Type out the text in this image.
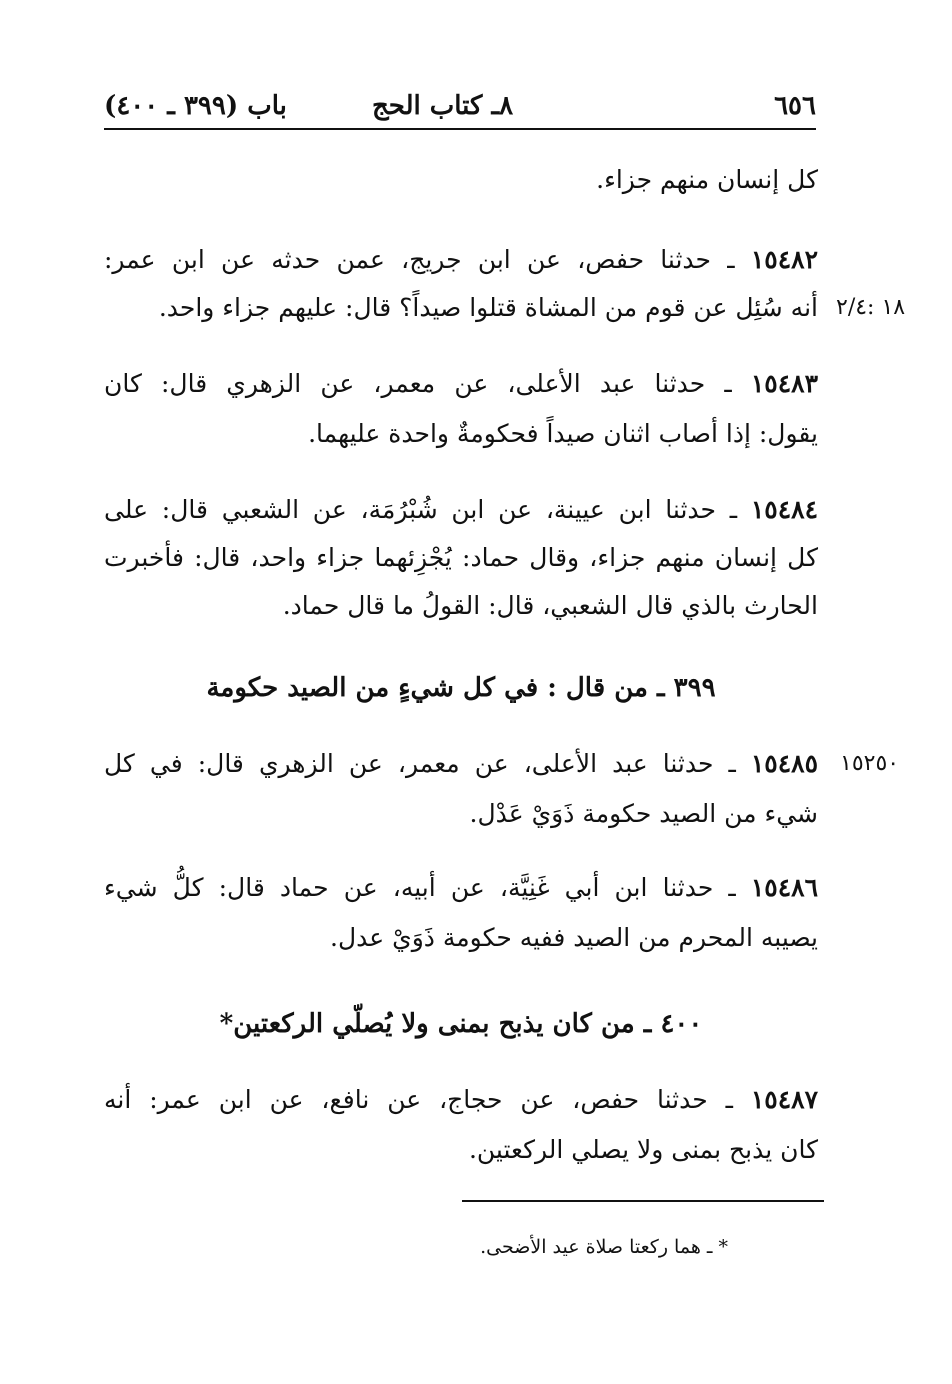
٦٥٦
٨ـ كتاب الحج
باب (٣٩٩ ـ ٤٠٠)
كل إنسان منهم جزاء.
١٥٤٨٢ ـ حدثنا حفص، عن ابن جريج، عمن حدثه عن ابن عمر:
١٨ :٢/٤
أنه سُئِل عن قوم من المشاة قتلوا صيداً؟ قال: عليهم جزاء واحد.
١٥٤٨٣ ـ حدثنا عبد الأعلى، عن معمر، عن الزهري قال: كان
يقول: إذا أصاب اثنان صيداً فحكومةٌ واحدة عليهما.
١٥٤٨٤ ـ حدثنا ابن عيينة، عن ابن شُبْرُمَة، عن الشعبي قال: على
كل إنسان منهم جزاء، وقال حماد: يُجْزِئهما جزاء واحد، قال: فأخبرت
الحارث بالذي قال الشعبي، قال: القولُ ما قال حماد.
٣٩٩ ـ من قال : في كل شيءٍ من الصيد حكومة
١٥٢٥٠
١٥٤٨٥ ـ حدثنا عبد الأعلى، عن معمر، عن الزهري قال: في كل
شيء من الصيد حكومة ذَوَيْ عَدْل.
١٥٤٨٦ ـ حدثنا ابن أبي غَنِيَّة، عن أبيه، عن حماد قال: كلُّ شيء
يصيبه المحرم من الصيد ففيه حكومة ذَوَيْ عدل.
٤٠٠ ـ من كان يذبح بمنى ولا يُصلّي الركعتين*
١٥٤٨٧ ـ حدثنا حفص، عن حجاج، عن نافع، عن ابن عمر: أنه
كان يذبح بمنى ولا يصلي الركعتين.
* ـ هما ركعتا صلاة عيد الأضحى.
